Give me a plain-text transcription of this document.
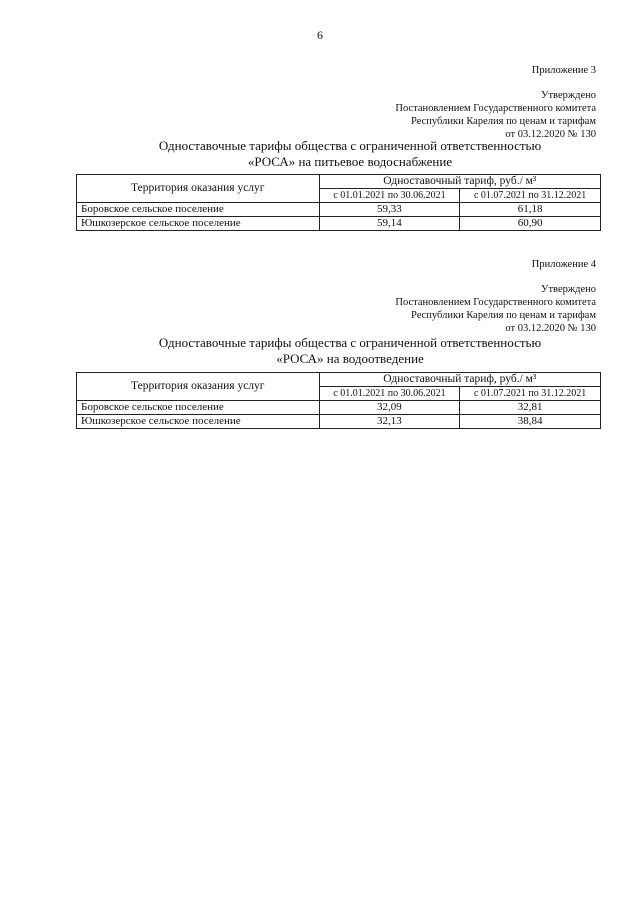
6
Приложение 3
Утверждено
Постановлением Государственного комитета
Республики Карелия по ценам и тарифам
от 03.12.2020 № 130
Одноставочные тарифы общества с ограниченной ответственностью
«РОСА» на питьевое водоснабжение
Территория оказания услуг	Одноставочный тариф, руб./ м³	
	с 01.01.2021 по 30.06.2021	с 01.07.2021 по 31.12.2021
Боровское сельское поселение	59,33	61,18
Юшкозерское сельское поселение	59,14	60,90
Приложение 4
Утверждено
Постановлением Государственного комитета
Республики Карелия по ценам и тарифам
от 03.12.2020 № 130
Одноставочные тарифы общества с ограниченной ответственностью
«РОСА» на водоотведение
Территория оказания услуг	Одноставочный тариф, руб./ м³	
	с 01.01.2021 по 30.06.2021	с 01.07.2021 по 31.12.2021
Боровское сельское поселение	32,09	32,81
Юшкозерское сельское поселение	32,13	38,84
